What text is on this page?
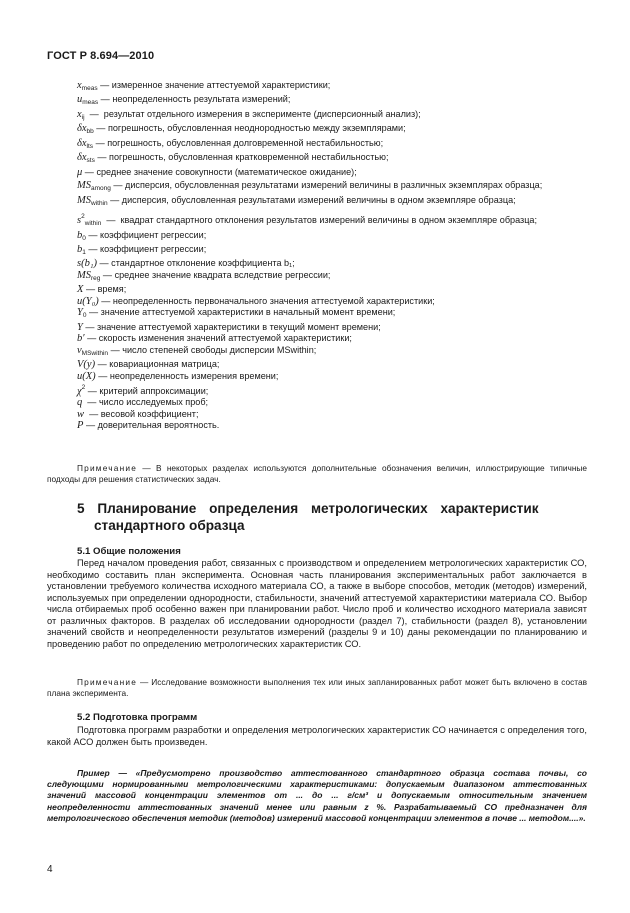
ГОСТ Р 8.694—2010
$x_{meas}$ — измеренное значение аттестуемой характеристики;
$u_{meas}$ — неопределенность результата измерений;
$x_{ij}$  —  результат отдельного измерения в эксперименте (дисперсионный анализ);
$\delta x_{bb}$ — погрешность, обусловленная неоднородностью между экземплярами;
$\delta x_{lts}$ — погрешность, обусловленная долговременной нестабильностью;
$\delta x_{sts}$ — погрешность, обусловленная кратковременной нестабильностью;
μ — среднее значение совокупности (математическое ожидание);
$MS_{among}$ — дисперсия, обусловленная результатами измерений величины в различных экземплярах образца;
$MS_{within}$ — дисперсия, обусловленная результатами измерений величины в одном экземпляре образца;
$s^2_{within}$  —  квадрат стандартного отклонения результатов измерений величины в одном экземпляре образца;
$b_0$ — коэффициент регрессии;
$b_1$ — коэффициент регрессии;
s(b₁) — стандартное отклонение коэффициента b₁;
$MS_{reg}$ — среднее значение квадрата вследствие регрессии;
X — время;
u(Y₀) — неопределенность первоначального значения аттестуемой характеристики;
$Y_0$ — значение аттестуемой характеристики в начальный момент времени;
Y — значение аттестуемой характеристики в текущий момент времени;
b′ — скорость изменения значений аттестуемой характеристики;
$\nu_{MSwithin}$ — число степеней свободы дисперсии MSwithin;
V(y) — ковариационная матрица;
u(X) — неопределенность измерения времени;
$\chi^2$ — критерий аппроксимации;
q  — число исследуемых проб;
w  — весовой коэффициент;
P — доверительная вероятность.
Примечание — В некоторых разделах используются дополнительные обозначения величин, иллюстрирующие типичные подходы для решения статистических задач.
5 Планирование определения метрологических характеристик
стандартного образца
5.1 Общие положения
Перед началом проведения работ, связанных с производством и определением метрологических характеристик СО, необходимо составить план эксперимента. Основная часть планирования экспериментальных работ заключается в установлении требуемого количества исходного материала СО, а также в выборе способов, методик (методов) измерений, используемых при определении однородности, стабильности, значений аттестуемой характеристики материала СО. Выбор числа отбираемых проб особенно важен при планировании работ. Число проб и количество исходного материала зависят от различных факторов. В разделах об исследовании однородности (раздел 7), стабильности (раздел 8), установлении значений свойств и неопределенности результатов измерений (разделы 9 и 10) даны рекомендации по планированию и проведению работ по определению метрологических характеристик СО.
Примечание — Исследование возможности выполнения тех или иных запланированных работ может быть включено в состав плана эксперимента.
5.2 Подготовка программ
Подготовка программ разработки и определения метрологических характеристик СО начинается с определения того, какой АСО должен быть произведен.
Пример — «Предусмотрено производство аттестованного стандартного образца состава почвы, со следующими нормированными метрологическими характеристиками: допускаемым диапазоном аттестованных значений массовой концентрации элементов от ... до ... г/см³ и допускаемым относительным значением неопределенности аттестованных значений менее или равным z %. Разрабатываемый СО предназначен для метрологического обеспечения методик (методов) измерений массовой концентрации элементов в почве ... методом....».
4
